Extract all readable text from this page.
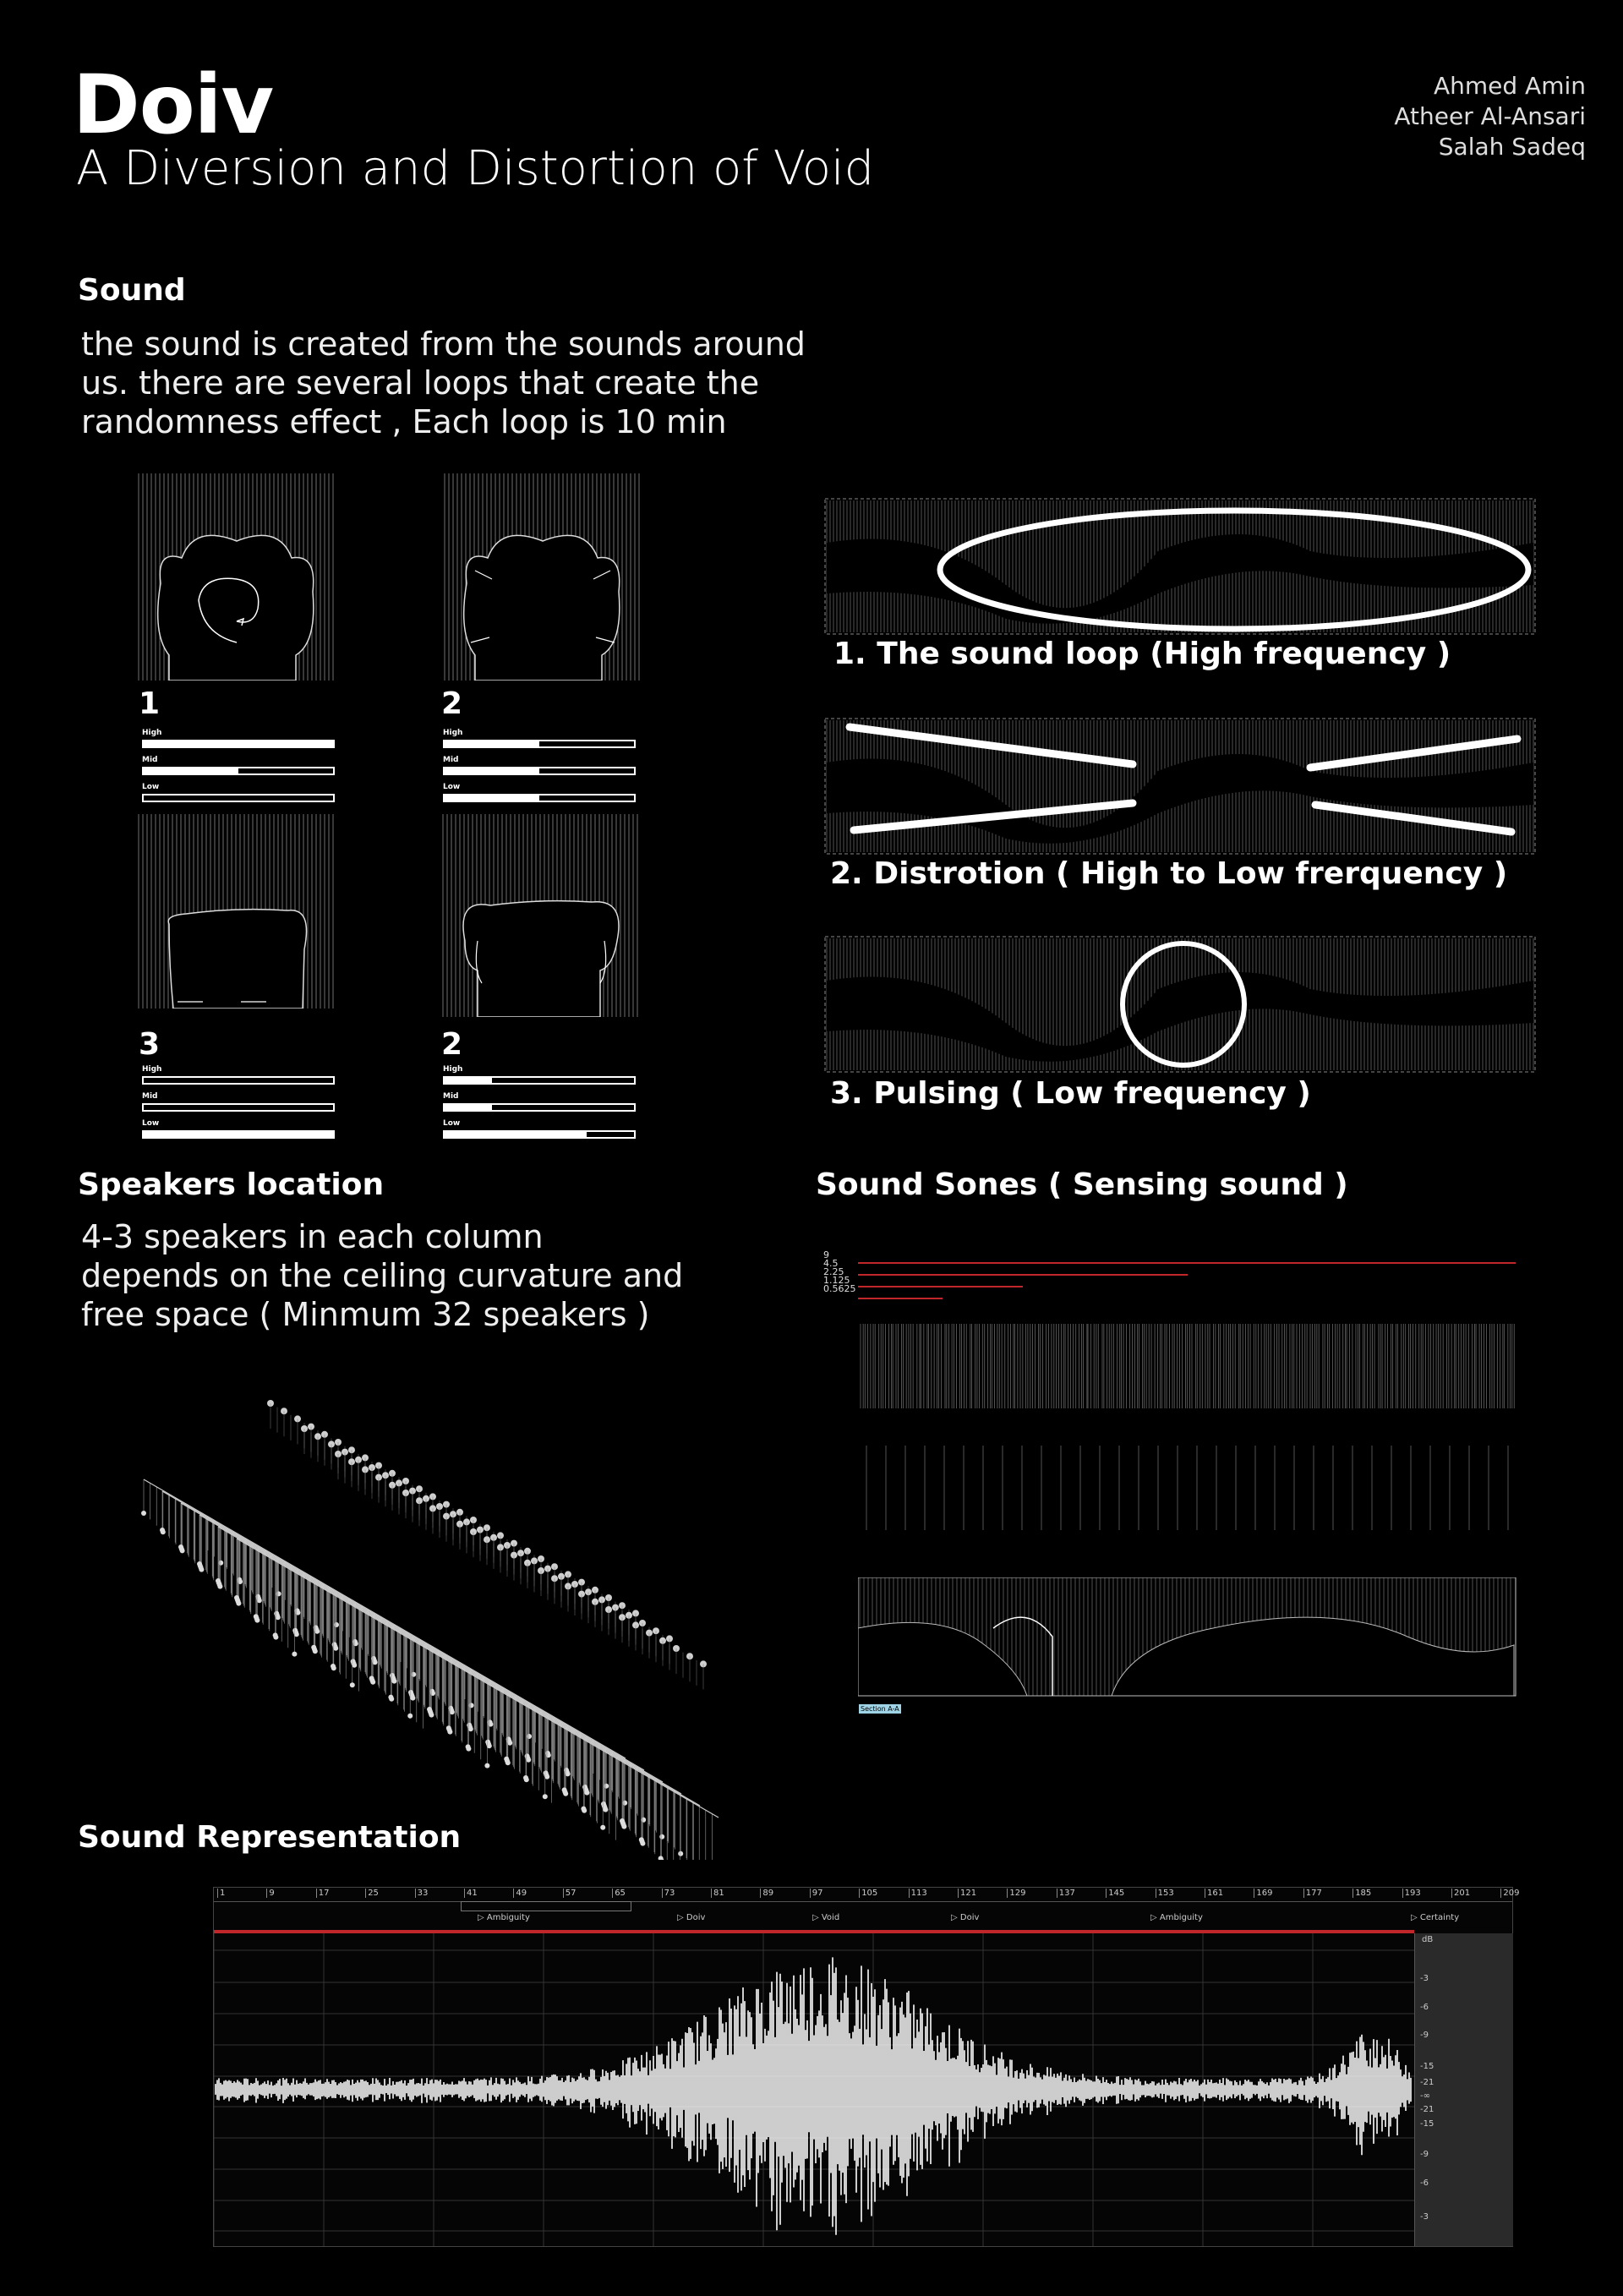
Doiv
A Diversion and Distortion of Void
Ahmed Amin
Atheer Al-Ansari
Salah Sadeq
Sound
the sound is created from the sounds around
us. there are several loops that create the
randomness effect , Each loop is 10 min
1	2
3	2
High
Mid
Low
High
Mid
Low
High
Mid
Low
High
Mid
Low
1. The sound loop (High frequency )
2. Distrotion ( High to Low frerquency )
3. Pulsing ( Low frequency )
Speakers location
4-3 speakers in each column
depends on the ceiling curvature and
free space ( Minmum 32 speakers )
Sound Sones ( Sensing sound )
9
4.5
2.25
1.125
0.5625
Section A-A
Sound Representation
1	9	17	25	33	41	49	57	65	73	81	89	97	105	113	121	129	137	145	153	161	169	177	185	193	201	209
▷ Ambiguity	▷ Doiv	▷ Void	▷ Doiv	▷ Ambiguity	▷ Certainty
dB
-3
-6
-9
-15
-21
-∞
-21
-15
-9
-6
-3
